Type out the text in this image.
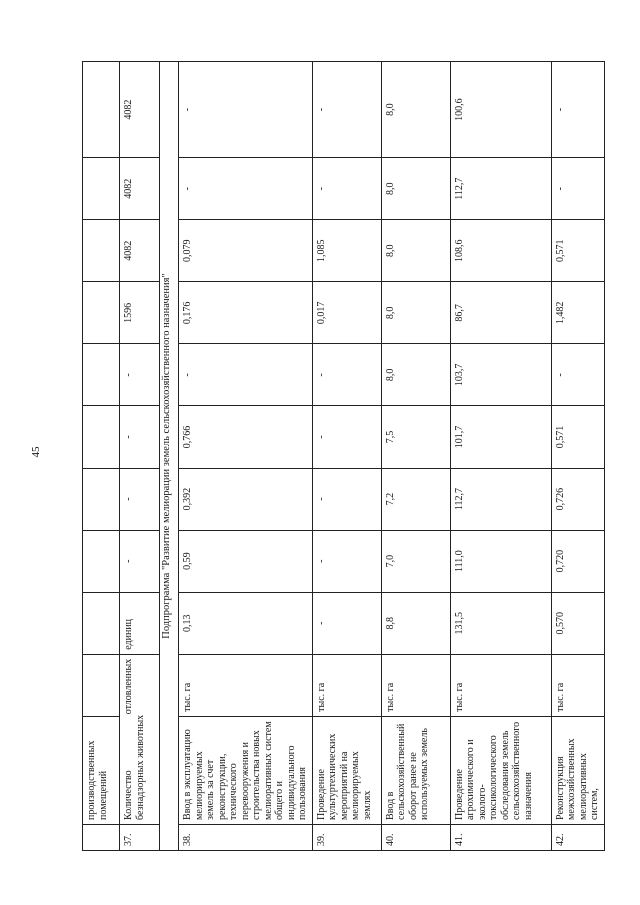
45
	производственных помещений										
37.	Количество отловленных безнадзорных животных		единиц	-	-	-	-	1596	4082	4082	4082
Подпрограмма "Развитие мелиорации земель сельскохозяйственного назначения"											
38.	Ввод в эксплуатацию мелиорируемых земель за счет реконструкции, технического перевооружения и строительства новых мелиоративных систем общего и индивидуального пользования	тыс. га	0,13	0,59	0,392	0,766	-	0,176	0,079	-	-
39.	Проведение культуртехнических мероприятий на мелиорируемых землях	тыс. га	-	-	-	-	-	0,017	1,085	-	-
40.	Ввод в сельскохозяйственный оборот ранее не используемых земель	тыс. га	8,8	7,0	7,2	7,5	8,0	8,0	8,0	8,0	8,0
41.	Проведение агрохимического и эколого-токсикологического обследования земель сельскохозяйственного назначения	тыс. га	131,5	111,0	112,7	101,7	103,7	86,7	108,6	112,7	100,6
42.	Реконструкция межхозяйственных мелиоративных систем,	тыс. га	0,570	0,720	0,726	0,571	-	1,482	0,571	-	-
